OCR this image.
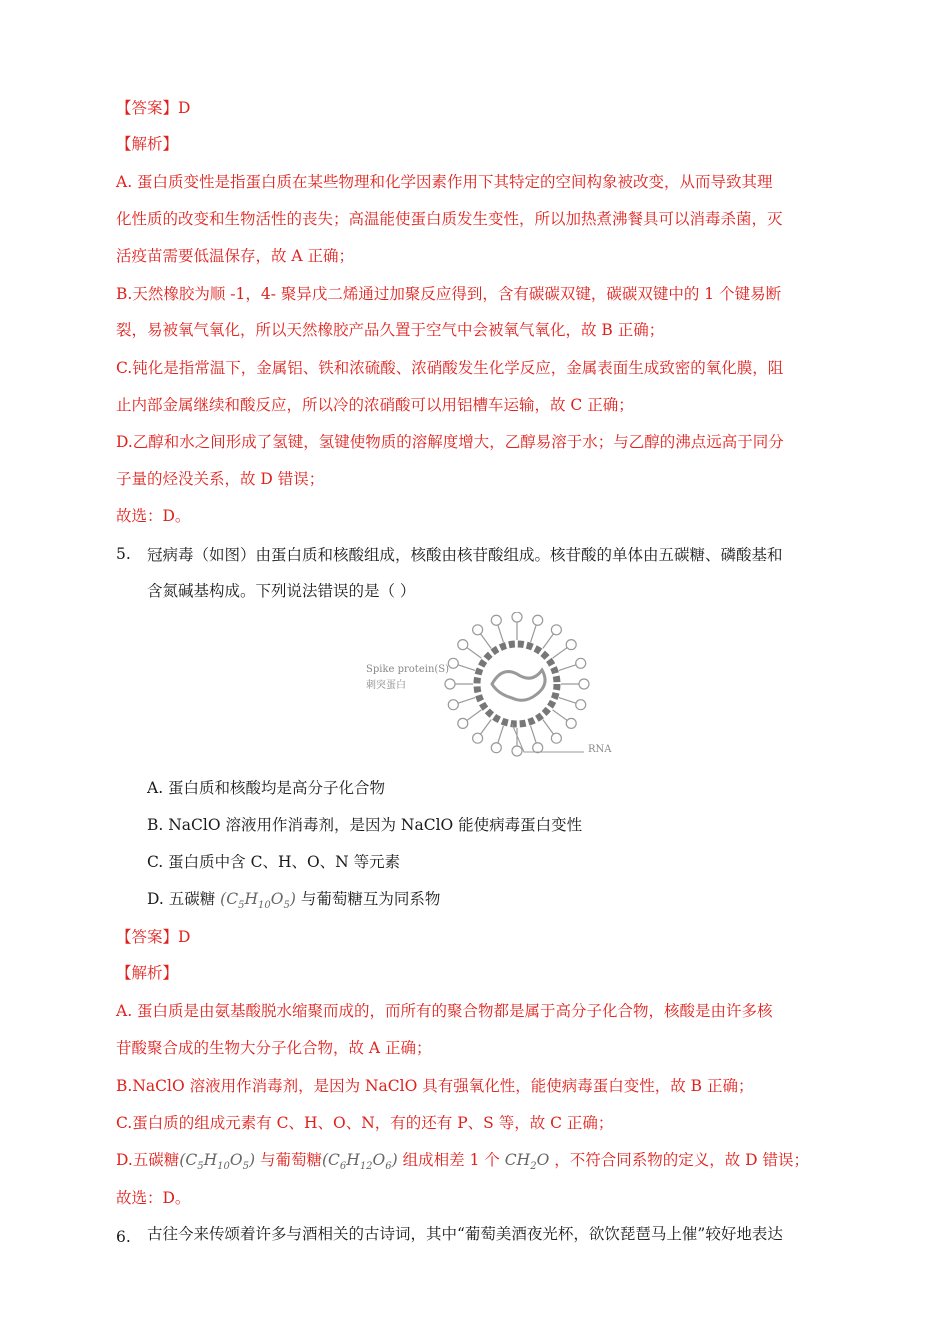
【答案】D
【解析】
A. 蛋白质变性是指蛋白质在某些物理和化学因素作用下其特定的空间构象被改变，从而导致其理
化性质的改变和生物活性的丧失；高温能使蛋白质发生变性，所以加热煮沸餐具可以消毒杀菌，灭
活疫苗需要低温保存，故 A 正确；
B.天然橡胶为顺 -1，4- 聚异戊二烯通过加聚反应得到，含有碳碳双键，碳碳双键中的 1 个键易断
裂，易被氧气氧化，所以天然橡胶产品久置于空气中会被氧气氧化，故 B 正确；
C.钝化是指常温下，金属铝、铁和浓硫酸、浓硝酸发生化学反应，金属表面生成致密的氧化膜，阻
止内部金属继续和酸反应，所以冷的浓硝酸可以用铝槽车运输，故 C 正确；
D.乙醇和水之间形成了氢键，氢键使物质的溶解度增大，乙醇易溶于水；与乙醇的沸点远高于同分
子量的烃没关系，故 D 错误；
故选：D。
5. 冠病毒（如图）由蛋白质和核酸组成，核酸由核苷酸组成。核苷酸的单体由五碳糖、磷酸基和
含氮碱基构成。下列说法错误的是（ ）
Spike protein(S)
刺突蛋白
RNA
A. 蛋白质和核酸均是高分子化合物
B. NaClO 溶液用作消毒剂，是因为 NaClO 能使病毒蛋白变性
C. 蛋白质中含 C、H、O、N 等元素
D. 五碳糖 $(C_5H_{10}O_5)$ 与葡萄糖互为同系物
【答案】D
【解析】
A. 蛋白质是由氨基酸脱水缩聚而成的，而所有的聚合物都是属于高分子化合物，核酸是由许多核
苷酸聚合成的生物大分子化合物，故 A 正确；
B.NaClO 溶液用作消毒剂，是因为 NaClO 具有强氧化性，能使病毒蛋白变性，故 B 正确；
C.蛋白质的组成元素有 C、H、O、N，有的还有 P、S 等，故 C 正确；
D.五碳糖$(C_5H_{10}O_5)$ 与葡萄糖$(C_6H_{12}O_6)$ 组成相差 1 个 $CH_2O$ ，不符合同系物的定义，故 D 错误；
故选：D。
6. 古往今来传颂着许多与酒相关的古诗词，其中“葡萄美酒夜光杯，欲饮琵琶马上催”较好地表达
